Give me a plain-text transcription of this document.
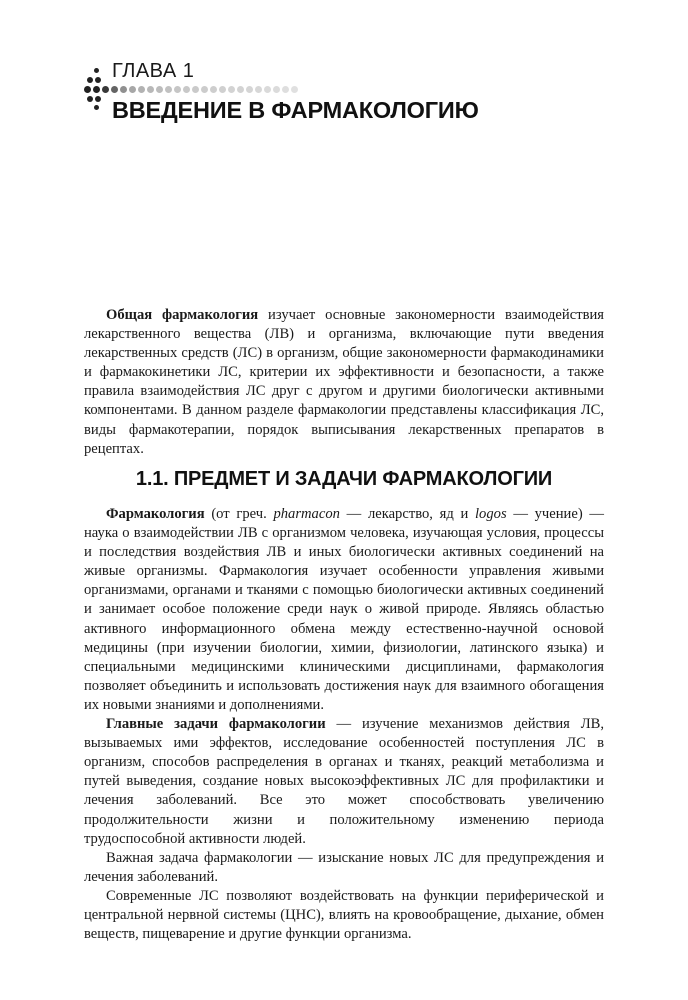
ГЛАВА 1
ВВЕДЕНИЕ В ФАРМАКОЛОГИЮ

Общая фармакология изучает основные закономерности взаимодействия лекарственного вещества (ЛВ) и организма, включающие пути введения лекарственных средств (ЛС) в организм, общие закономерности фармакодинамики и фармакокинетики ЛС, критерии их эффективности и безопасности, а также правила взаимодействия ЛС друг с другом и другими биологически активными компонентами. В данном разделе фармакологии представлены классификация ЛС, виды фармакотерапии, порядок выписывания лекарственных препаратов в рецептах.

1.1. ПРЕДМЕТ И ЗАДАЧИ ФАРМАКОЛОГИИ

Фармакология (от греч. pharmacon — лекарство, яд и logos — учение) — наука о взаимодействии ЛВ с организмом человека, изучающая условия, процессы и последствия воздействия ЛВ и иных биологически активных соединений на живые организмы. Фармакология изучает особенности управления живыми организмами, органами и тканями с помощью биологически активных соединений и занимает особое положение среди наук о живой природе. Являясь областью активного информационного обмена между естественно-научной основой медицины (при изучении биологии, химии, физиологии, латинского языка) и специальными медицинскими клиническими дисциплинами, фармакология позволяет объединить и использовать достижения наук для взаимного обогащения их новыми знаниями и дополнениями.

Главные задачи фармакологии — изучение механизмов действия ЛВ, вызываемых ими эффектов, исследование особенностей поступления ЛС в организм, способов распределения в органах и тканях, реакций метаболизма и путей выведения, создание новых высокоэффективных ЛС для профилактики и лечения заболеваний. Все это может способствовать увеличению продолжительности жизни и положительному изменению периода трудоспособной активности людей.

Важная задача фармакологии — изыскание новых ЛС для предупреждения и лечения заболеваний.

Современные ЛС позволяют воздействовать на функции периферической и центральной нервной системы (ЦНС), влиять на кровообращение, дыхание, обмен веществ, пищеварение и другие функции организма.
